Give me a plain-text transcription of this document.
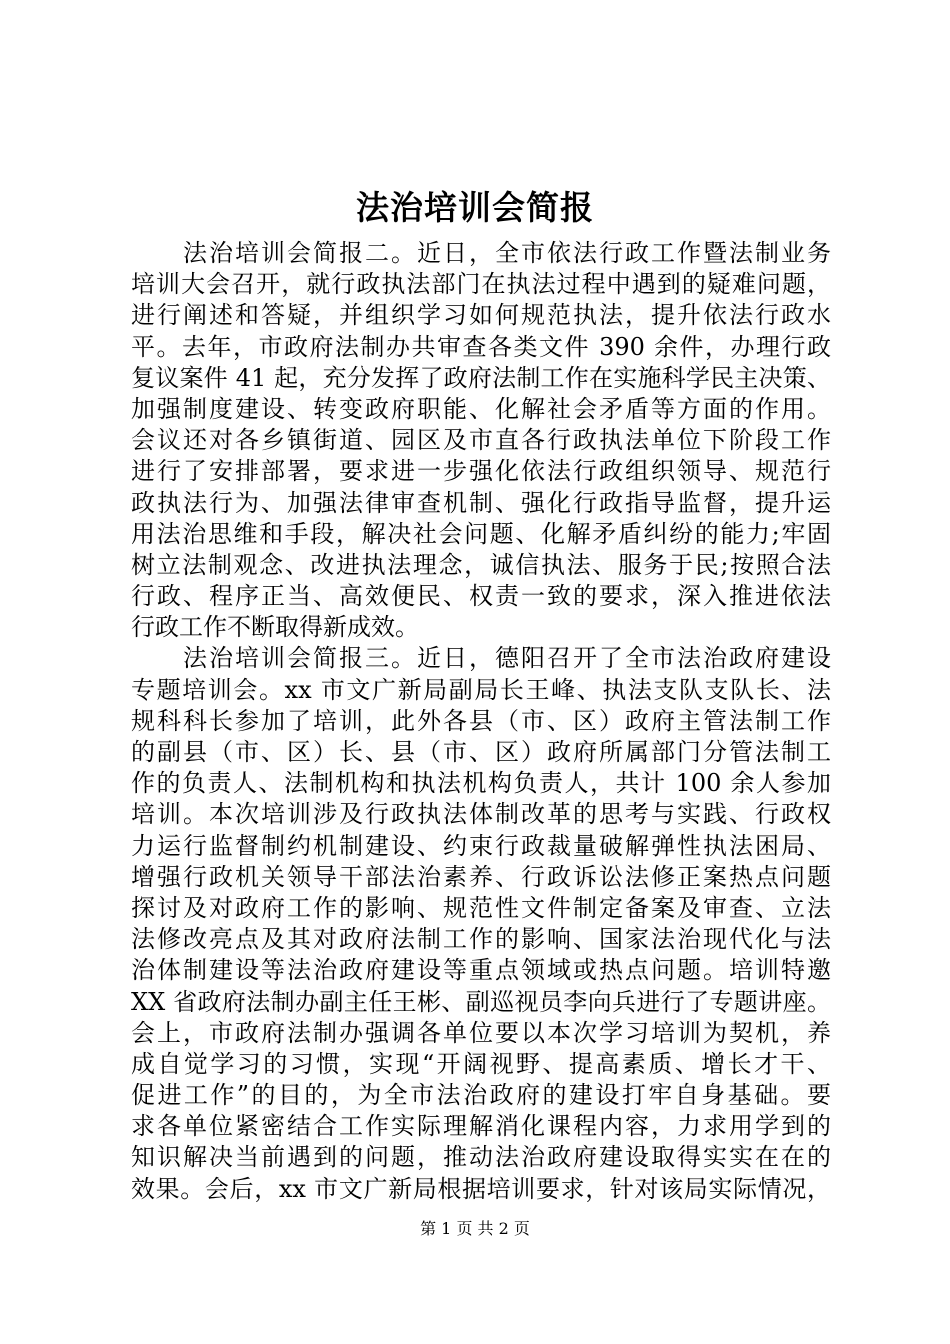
法治培训会简报
法治培训会简报二。近日，全市依法行政工作暨法制业务
培训大会召开，就行政执法部门在执法过程中遇到的疑难问题，
进行阐述和答疑，并组织学习如何规范执法，提升依法行政水
平。去年，市政府法制办共审查各类文件 390 余件，办理行政
复议案件 41 起，充分发挥了政府法制工作在实施科学民主决策、
加强制度建设、转变政府职能、化解社会矛盾等方面的作用。
会议还对各乡镇街道、园区及市直各行政执法单位下阶段工作
进行了安排部署，要求进一步强化依法行政组织领导、规范行
政执法行为、加强法律审查机制、强化行政指导监督，提升运
用法治思维和手段，解决社会问题、化解矛盾纠纷的能力;牢固
树立法制观念、改进执法理念，诚信执法、服务于民;按照合法
行政、程序正当、高效便民、权责一致的要求，深入推进依法
行政工作不断取得新成效。
法治培训会简报三。近日，德阳召开了全市法治政府建设
专题培训会。xx 市文广新局副局长王峰、执法支队支队长、法
规科科长参加了培训，此外各县（市、区）政府主管法制工作
的副县（市、区）长、县（市、区）政府所属部门分管法制工
作的负责人、法制机构和执法机构负责人，共计 100 余人参加
培训。本次培训涉及行政执法体制改革的思考与实践、行政权
力运行监督制约机制建设、约束行政裁量破解弹性执法困局、
增强行政机关领导干部法治素养、行政诉讼法修正案热点问题
探讨及对政府工作的影响、规范性文件制定备案及审查、立法
法修改亮点及其对政府法制工作的影响、国家法治现代化与法
治体制建设等法治政府建设等重点领域或热点问题。培训特邀
XX 省政府法制办副主任王彬、副巡视员李向兵进行了专题讲座。
会上，市政府法制办强调各单位要以本次学习培训为契机，养
成自觉学习的习惯，实现“开阔视野、提高素质、增长才干、
促进工作”的目的，为全市法治政府的建设打牢自身基础。要
求各单位紧密结合工作实际理解消化课程内容，力求用学到的
知识解决当前遇到的问题，推动法治政府建设取得实实在在的
效果。会后，xx 市文广新局根据培训要求，针对该局实际情况，
第 1 页 共 2 页
